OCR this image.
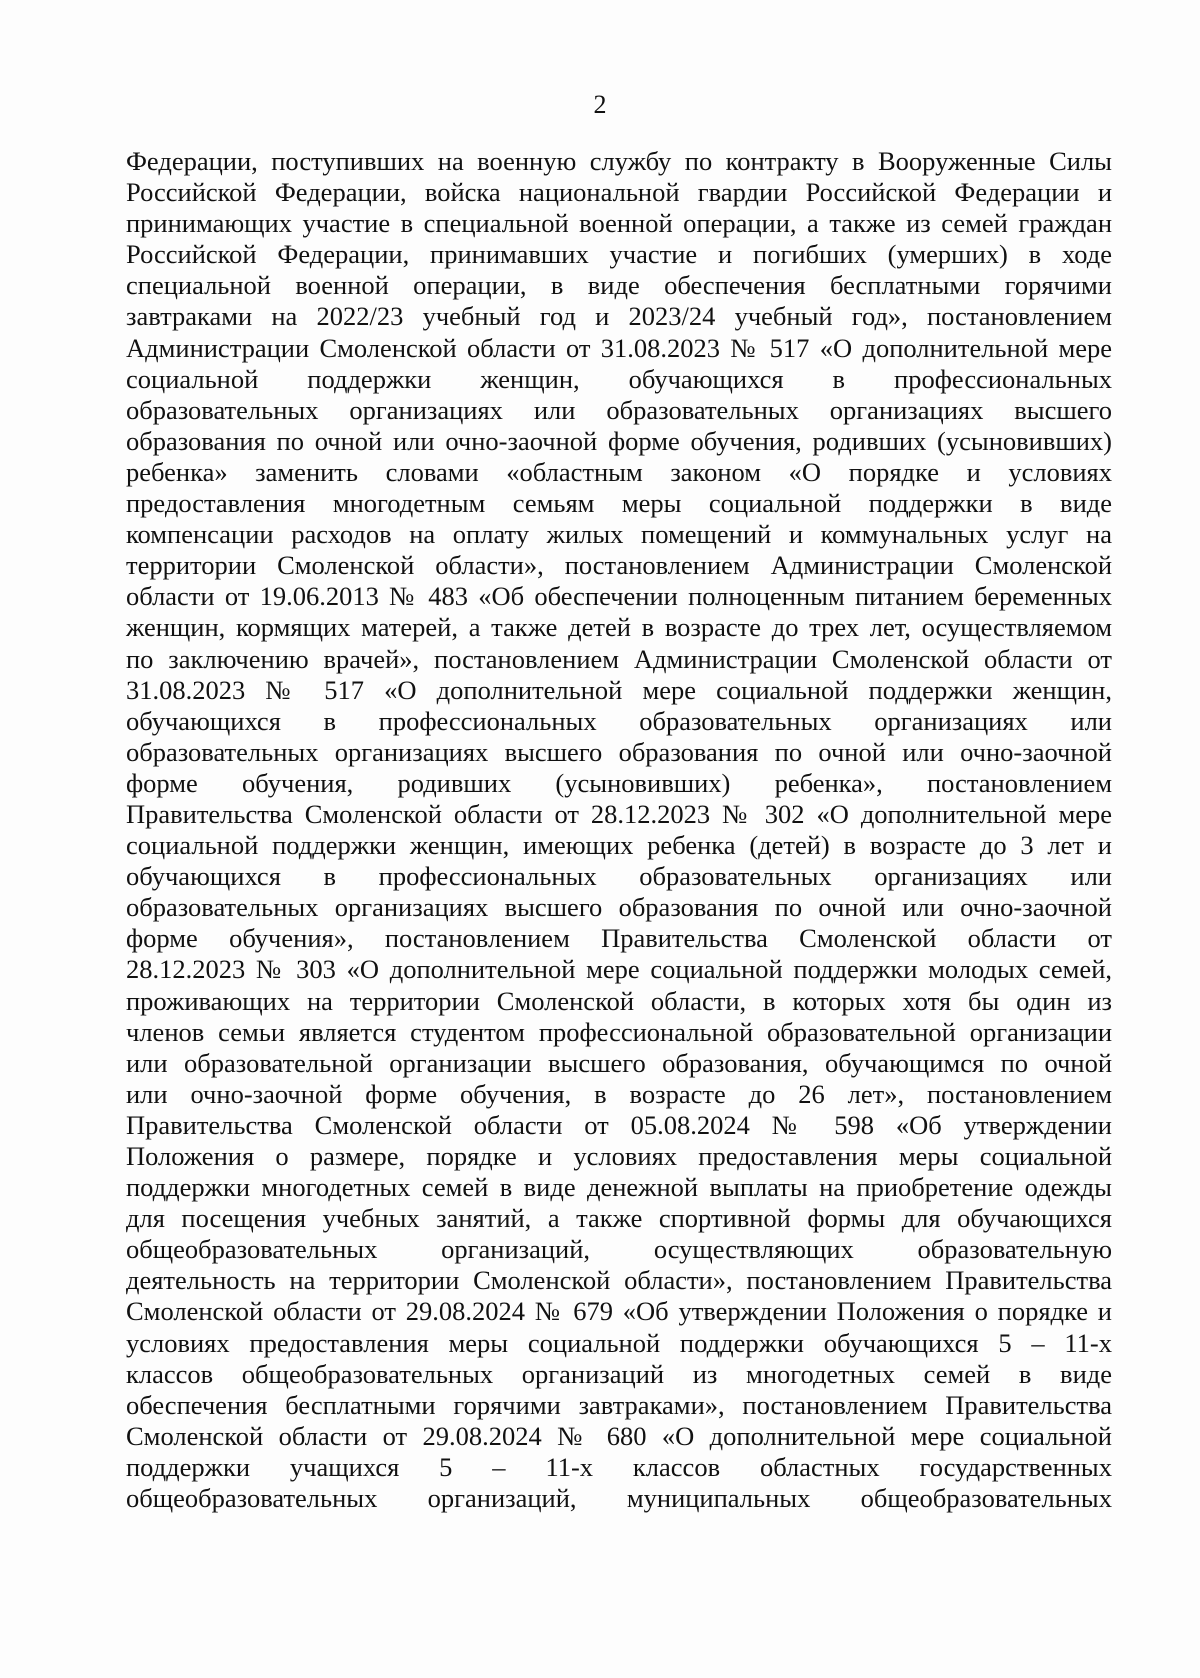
2
Федерации, поступивших на военную службу по контракту в Вооруженные Силы
Российской Федерации, войска национальной гвардии Российской Федерации и
принимающих участие в специальной военной операции, а также из семей граждан
Российской Федерации, принимавших участие и погибших (умерших) в ходе
специальной военной операции, в виде обеспечения бесплатными горячими
завтраками на 2022/23 учебный год и 2023/24 учебный год», постановлением
Администрации Смоленской области от 31.08.2023 № 517 «О дополнительной мере
социальной поддержки женщин, обучающихся в профессиональных
образовательных организациях или образовательных организациях высшего
образования по очной или очно-заочной форме обучения, родивших (усыновивших)
ребенка» заменить словами «областным законом «О порядке и условиях
предоставления многодетным семьям меры социальной поддержки в виде
компенсации расходов на оплату жилых помещений и коммунальных услуг на
территории Смоленской области», постановлением Администрации Смоленской
области от 19.06.2013 № 483 «Об обеспечении полноценным питанием беременных
женщин, кормящих матерей, а также детей в возрасте до трех лет, осуществляемом
по заключению врачей», постановлением Администрации Смоленской области от
31.08.2023 № 517 «О дополнительной мере социальной поддержки женщин,
обучающихся в профессиональных образовательных организациях или
образовательных организациях высшего образования по очной или очно-заочной
форме обучения, родивших (усыновивших) ребенка», постановлением
Правительства Смоленской области от 28.12.2023 № 302 «О дополнительной мере
социальной поддержки женщин, имеющих ребенка (детей) в возрасте до 3 лет и
обучающихся в профессиональных образовательных организациях или
образовательных организациях высшего образования по очной или очно-заочной
форме обучения», постановлением Правительства Смоленской области от
28.12.2023 № 303 «О дополнительной мере социальной поддержки молодых семей,
проживающих на территории Смоленской области, в которых хотя бы один из
членов семьи является студентом профессиональной образовательной организации
или образовательной организации высшего образования, обучающимся по очной
или очно-заочной форме обучения, в возрасте до 26 лет», постановлением
Правительства Смоленской области от 05.08.2024 № 598 «Об утверждении
Положения о размере, порядке и условиях предоставления меры социальной
поддержки многодетных семей в виде денежной выплаты на приобретение одежды
для посещения учебных занятий, а также спортивной формы для обучающихся
общеобразовательных организаций, осуществляющих образовательную
деятельность на территории Смоленской области», постановлением Правительства
Смоленской области от 29.08.2024 № 679 «Об утверждении Положения о порядке и
условиях предоставления меры социальной поддержки обучающихся 5 – 11-х
классов общеобразовательных организаций из многодетных семей в виде
обеспечения бесплатными горячими завтраками», постановлением Правительства
Смоленской области от 29.08.2024 № 680 «О дополнительной мере социальной
поддержки учащихся 5 – 11-х классов областных государственных
общеобразовательных организаций, муниципальных общеобразовательных
